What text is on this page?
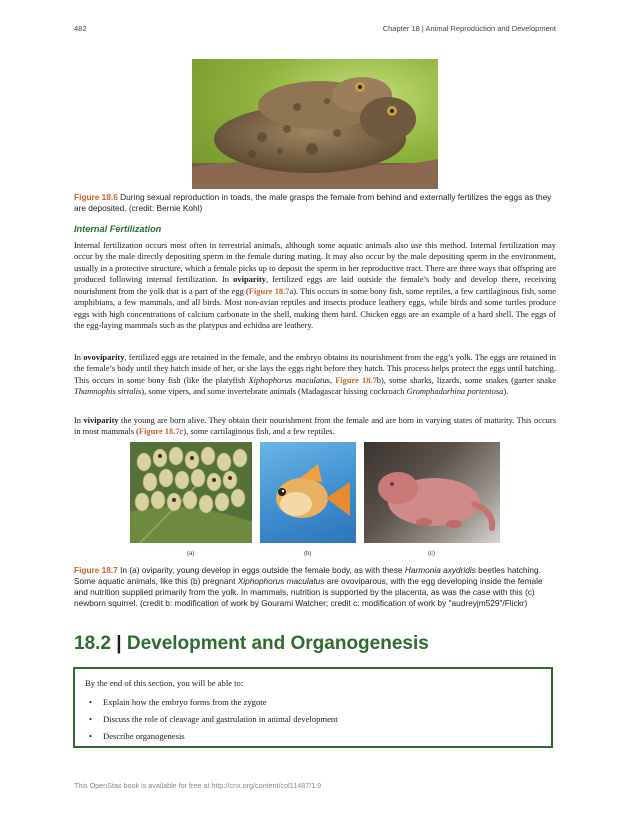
482	Chapter 18 | Animal Reproduction and Development
Figure 18.6 During sexual reproduction in toads, the male grasps the female from behind and externally fertilizes the eggs as they are deposited. (credit: Bernie Kohl)
Internal Fertilization

Internal fertilization occurs most often in terrestrial animals, although some aquatic animals also use this method. Internal fertilization may occur by the male directly depositing sperm in the female during mating. It may also occur by the male depositing sperm in the environment, usually in a protective structure, which a female picks up to deposit the sperm in her reproductive tract. There are three ways that offspring are produced following internal fertilization. In oviparity, fertilized eggs are laid outside the female’s body and develop there, receiving nourishment from the yolk that is a part of the egg (Figure 18.7a). This occurs in some bony fish, some reptiles, a few cartilaginous fish, some amphibians, a few mammals, and all birds. Most non-avian reptiles and insects produce leathery eggs, while birds and some turtles produce eggs with high concentrations of calcium carbonate in the shell, making them hard. Chicken eggs are an example of a hard shell. The eggs of the egg-laying mammals such as the platypus and echidna are leathery.

In ovoviparity, fertilized eggs are retained in the female, and the embryo obtains its nourishment from the egg’s yolk. The eggs are retained in the female’s body until they hatch inside of her, or she lays the eggs right before they hatch. This process helps protect the eggs until hatching. This occurs in some bony fish (like the platyfish Xiphophorus maculatus, Figure 18.7b), some sharks, lizards, some snakes (garter snake Thamnophis sirtalis), some vipers, and some invertebrate animals (Madagascar hissing cockroach Gromphadorhina portentosa).

In viviparity the young are born alive. They obtain their nourishment from the female and are born in varying states of maturity. This occurs in most mammals (Figure 18.7c), some cartilaginous fish, and a few reptiles.

(a)	(b)	(c)
Figure 18.7 In (a) oviparity, young develop in eggs outside the female body, as with these Harmonia axydridis beetles hatching. Some aquatic animals, like this (b) pregnant Xiphophorus maculatus are ovoviparous, with the egg developing inside the female and nutrition supplied primarily from the yolk. In mammals, nutrition is supported by the placenta, as was the case with this (c) newborn squirrel. (credit b: modification of work by Gourami Watcher; credit c: modification of work by "audreyjm529"/Flickr)
18.2 | Development and Organogenesis

By the end of this section, you will be able to:

• Explain how the embryo forms from the zygote
• Discuss the role of cleavage and gastrulation in animal development
• Describe organogenesis
This OpenStax book is available for free at http://cnx.org/content/col11487/1.9
